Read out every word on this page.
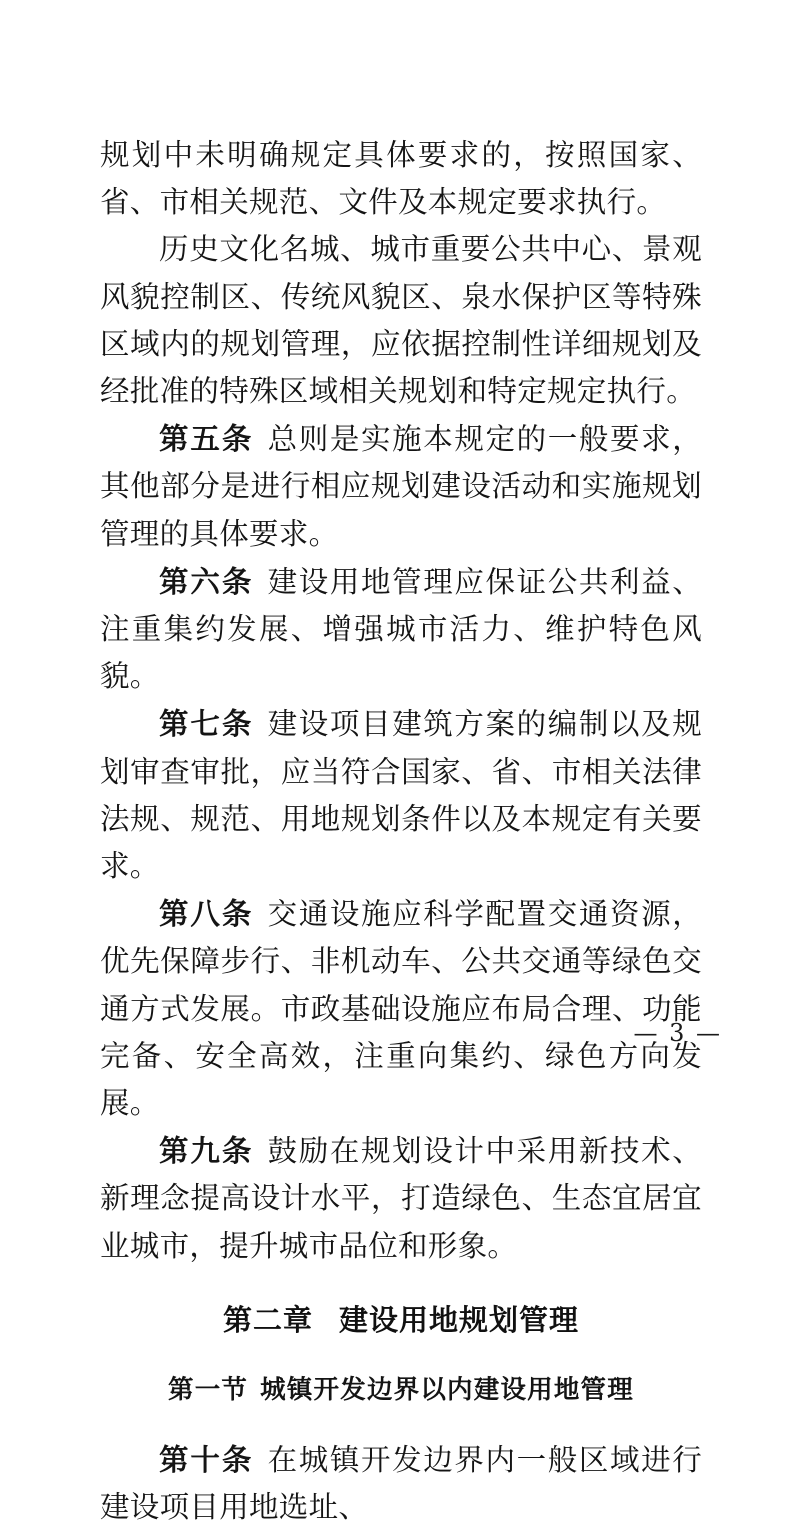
规划中未明确规定具体要求的，按照国家、省、市相关规范、文件及本规定要求执行。

历史文化名城、城市重要公共中心、景观风貌控制区、传统风貌区、泉水保护区等特殊区域内的规划管理，应依据控制性详细规划及经批准的特殊区域相关规划和特定规定执行。

第五条 总则是实施本规定的一般要求，其他部分是进行相应规划建设活动和实施规划管理的具体要求。

第六条 建设用地管理应保证公共利益、注重集约发展、增强城市活力、维护特色风貌。

第七条 建设项目建筑方案的编制以及规划审查审批，应当符合国家、省、市相关法律法规、规范、用地规划条件以及本规定有关要求。

第八条 交通设施应科学配置交通资源，优先保障步行、非机动车、公共交通等绿色交通方式发展。市政基础设施应布局合理、功能完备、安全高效，注重向集约、绿色方向发展。

第九条 鼓励在规划设计中采用新技术、新理念提高设计水平，打造绿色、生态宜居宜业城市，提升城市品位和形象。

第二章 建设用地规划管理
第一节 城镇开发边界以内建设用地管理

第十条 在城镇开发边界内一般区域进行建设项目用地选址、

— 3 —
